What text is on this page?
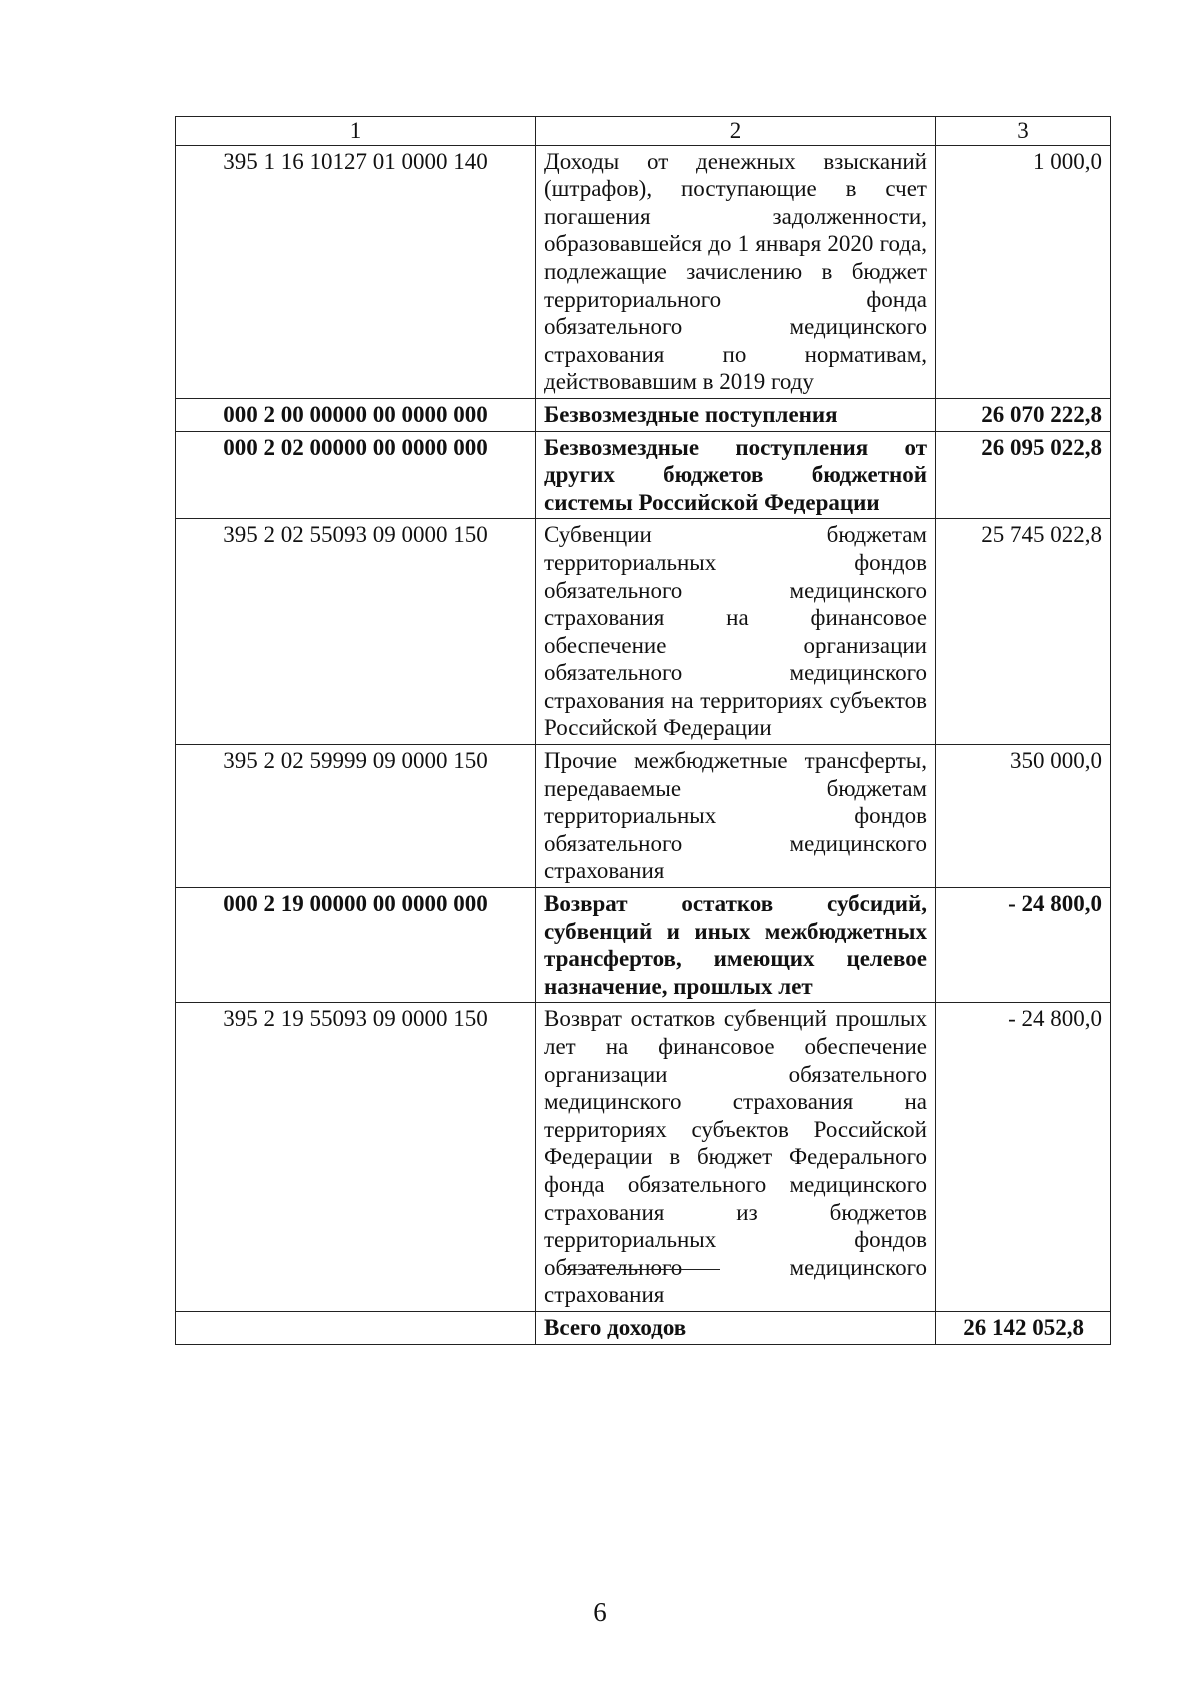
1	2	3
395 1 16 10127 01 0000 140	Доходы от денежных взысканий (штрафов), поступающие в счет погашения задолженности, образовавшейся до 1 января 2020 года, подлежащие зачислению в бюджет территориального фонда обязательного медицинского страхования по нормативам, действовавшим в 2019 году	1 000,0
000 2 00 00000 00 0000 000	Безвозмездные поступления	26 070 222,8
000 2 02 00000 00 0000 000	Безвозмездные поступления от других бюджетов бюджетной системы Российской Федерации	26 095 022,8
395 2 02 55093 09 0000 150	Субвенции бюджетам территориальных фондов обязательного медицинского страхования на финансовое обеспечение организации обязательного медицинского страхования на территориях субъектов Российской Федерации	25 745 022,8
395 2 02 59999 09 0000 150	Прочие межбюджетные трансферты, передаваемые бюджетам территориальных фондов обязательного медицинского страхования	350 000,0
000 2 19 00000 00 0000 000	Возврат остатков субсидий, субвенций и иных межбюджетных трансфертов, имеющих целевое назначение, прошлых лет	- 24 800,0
395 2 19 55093 09 0000 150	Возврат остатков субвенций прошлых лет на финансовое обеспечение организации обязательного медицинского страхования на территориях субъектов Российской Федерации в бюджет Федерального фонда обязательного медицинского страхования из бюджетов территориальных фондов обязательного медицинского страхования	- 24 800,0
	Всего доходов	26 142 052,8
6
